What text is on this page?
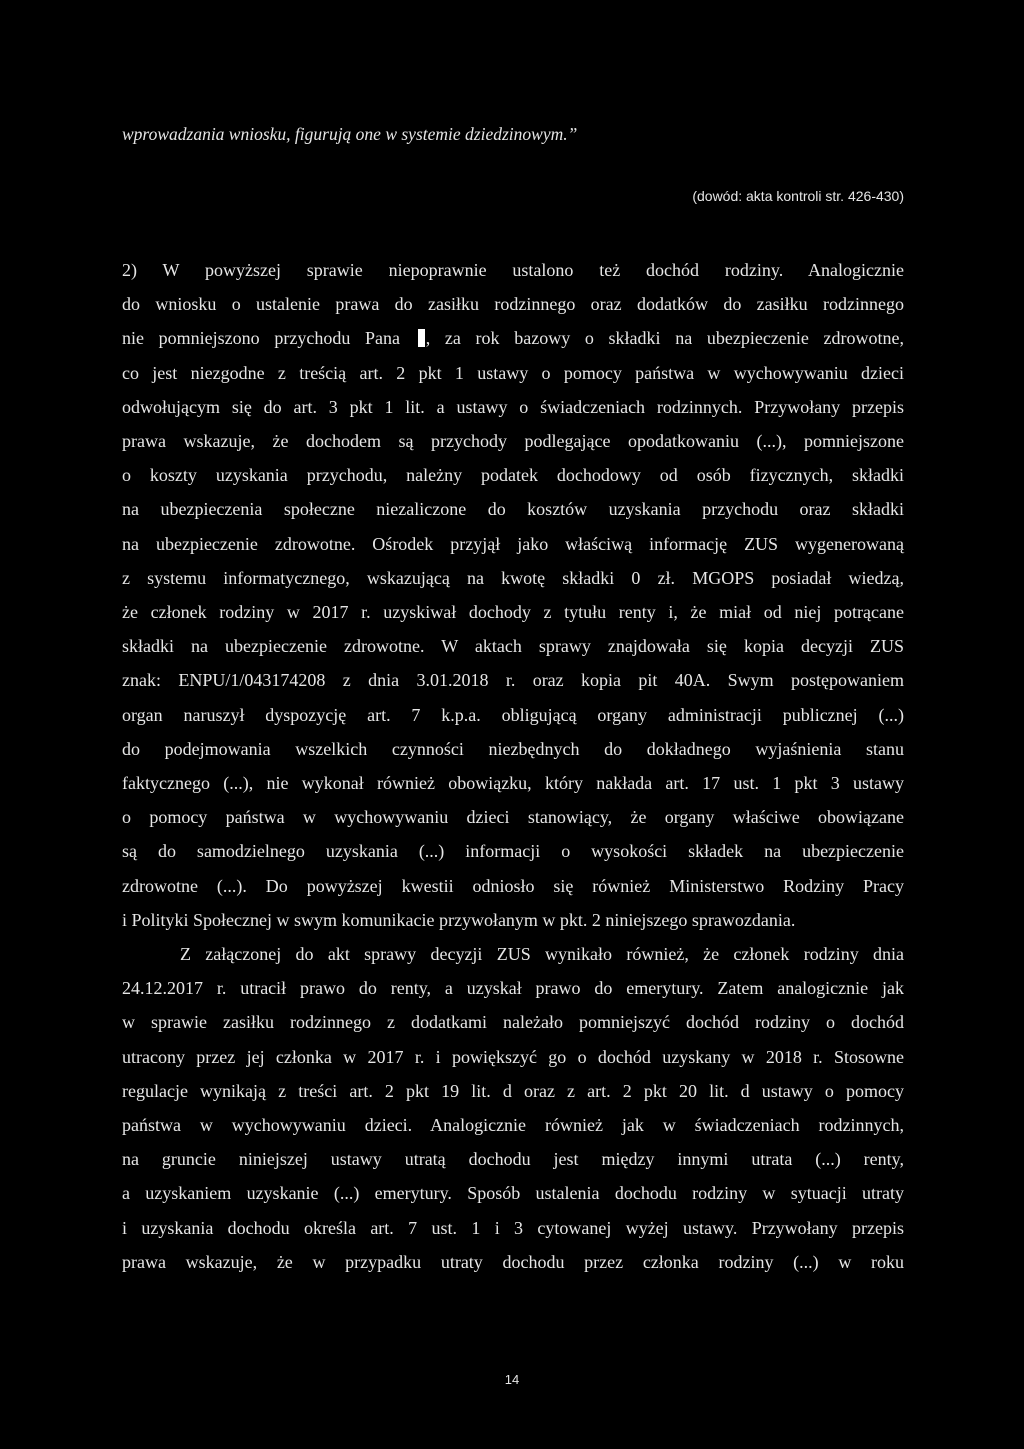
wprowadzania wniosku, figurują one w systemie dziedzinowym.”

(dowód: akta kontroli str. 426-430)

2) W powyższej sprawie niepoprawnie ustalono też dochód rodziny. Analogicznie
do wniosku o ustalenie prawa do zasiłku rodzinnego oraz dodatków do zasiłku rodzinnego
nie pomniejszono przychodu Pana , za rok bazowy o składki na ubezpieczenie zdrowotne,
co jest niezgodne z treścią art. 2 pkt 1 ustawy o pomocy państwa w wychowywaniu dzieci
odwołującym się do art. 3 pkt 1 lit. a ustawy o świadczeniach rodzinnych. Przywołany przepis
prawa wskazuje, że dochodem są przychody podlegające opodatkowaniu (...), pomniejszone
o koszty uzyskania przychodu, należny podatek dochodowy od osób fizycznych, składki
na ubezpieczenia społeczne niezaliczone do kosztów uzyskania przychodu oraz składki
na ubezpieczenie zdrowotne. Ośrodek przyjął jako właściwą informację ZUS wygenerowaną
z systemu informatycznego, wskazującą na kwotę składki 0 zł. MGOPS posiadał wiedzą,
że członek rodziny w 2017 r. uzyskiwał dochody z tytułu renty i, że miał od niej potrącane
składki na ubezpieczenie zdrowotne. W aktach sprawy znajdowała się kopia decyzji ZUS
znak: ENPU/1/043174208 z dnia 3.01.2018 r. oraz kopia pit 40A. Swym postępowaniem
organ naruszył dyspozycję art. 7 k.p.a. obligującą organy administracji publicznej (...)
do podejmowania wszelkich czynności niezbędnych do dokładnego wyjaśnienia stanu
faktycznego (...), nie wykonał również obowiązku, który nakłada art. 17 ust. 1 pkt 3 ustawy
o pomocy państwa w wychowywaniu dzieci stanowiący, że organy właściwe obowiązane
są do samodzielnego uzyskania (...) informacji o wysokości składek na ubezpieczenie
zdrowotne (...). Do powyższej kwestii odniosło się również Ministerstwo Rodziny Pracy
i Polityki Społecznej w swym komunikacie przywołanym w pkt. 2 niniejszego sprawozdania.

Z załączonej do akt sprawy decyzji ZUS wynikało również, że członek rodziny dnia
24.12.2017 r. utracił prawo do renty, a uzyskał prawo do emerytury. Zatem analogicznie jak
w sprawie zasiłku rodzinnego z dodatkami należało pomniejszyć dochód rodziny o dochód
utracony przez jej członka w 2017 r. i powiększyć go o dochód uzyskany w 2018 r. Stosowne
regulacje wynikają z treści art. 2 pkt 19 lit. d oraz z art. 2 pkt 20 lit. d ustawy o pomocy
państwa w wychowywaniu dzieci. Analogicznie również jak w świadczeniach rodzinnych,
na gruncie niniejszej ustawy utratą dochodu jest między innymi utrata (...) renty,
a uzyskaniem uzyskanie (...) emerytury. Sposób ustalenia dochodu rodziny w sytuacji utraty
i uzyskania dochodu określa art. 7 ust. 1 i 3 cytowanej wyżej ustawy. Przywołany przepis
prawa wskazuje, że w przypadku utraty dochodu przez członka rodziny (...) w roku

14
